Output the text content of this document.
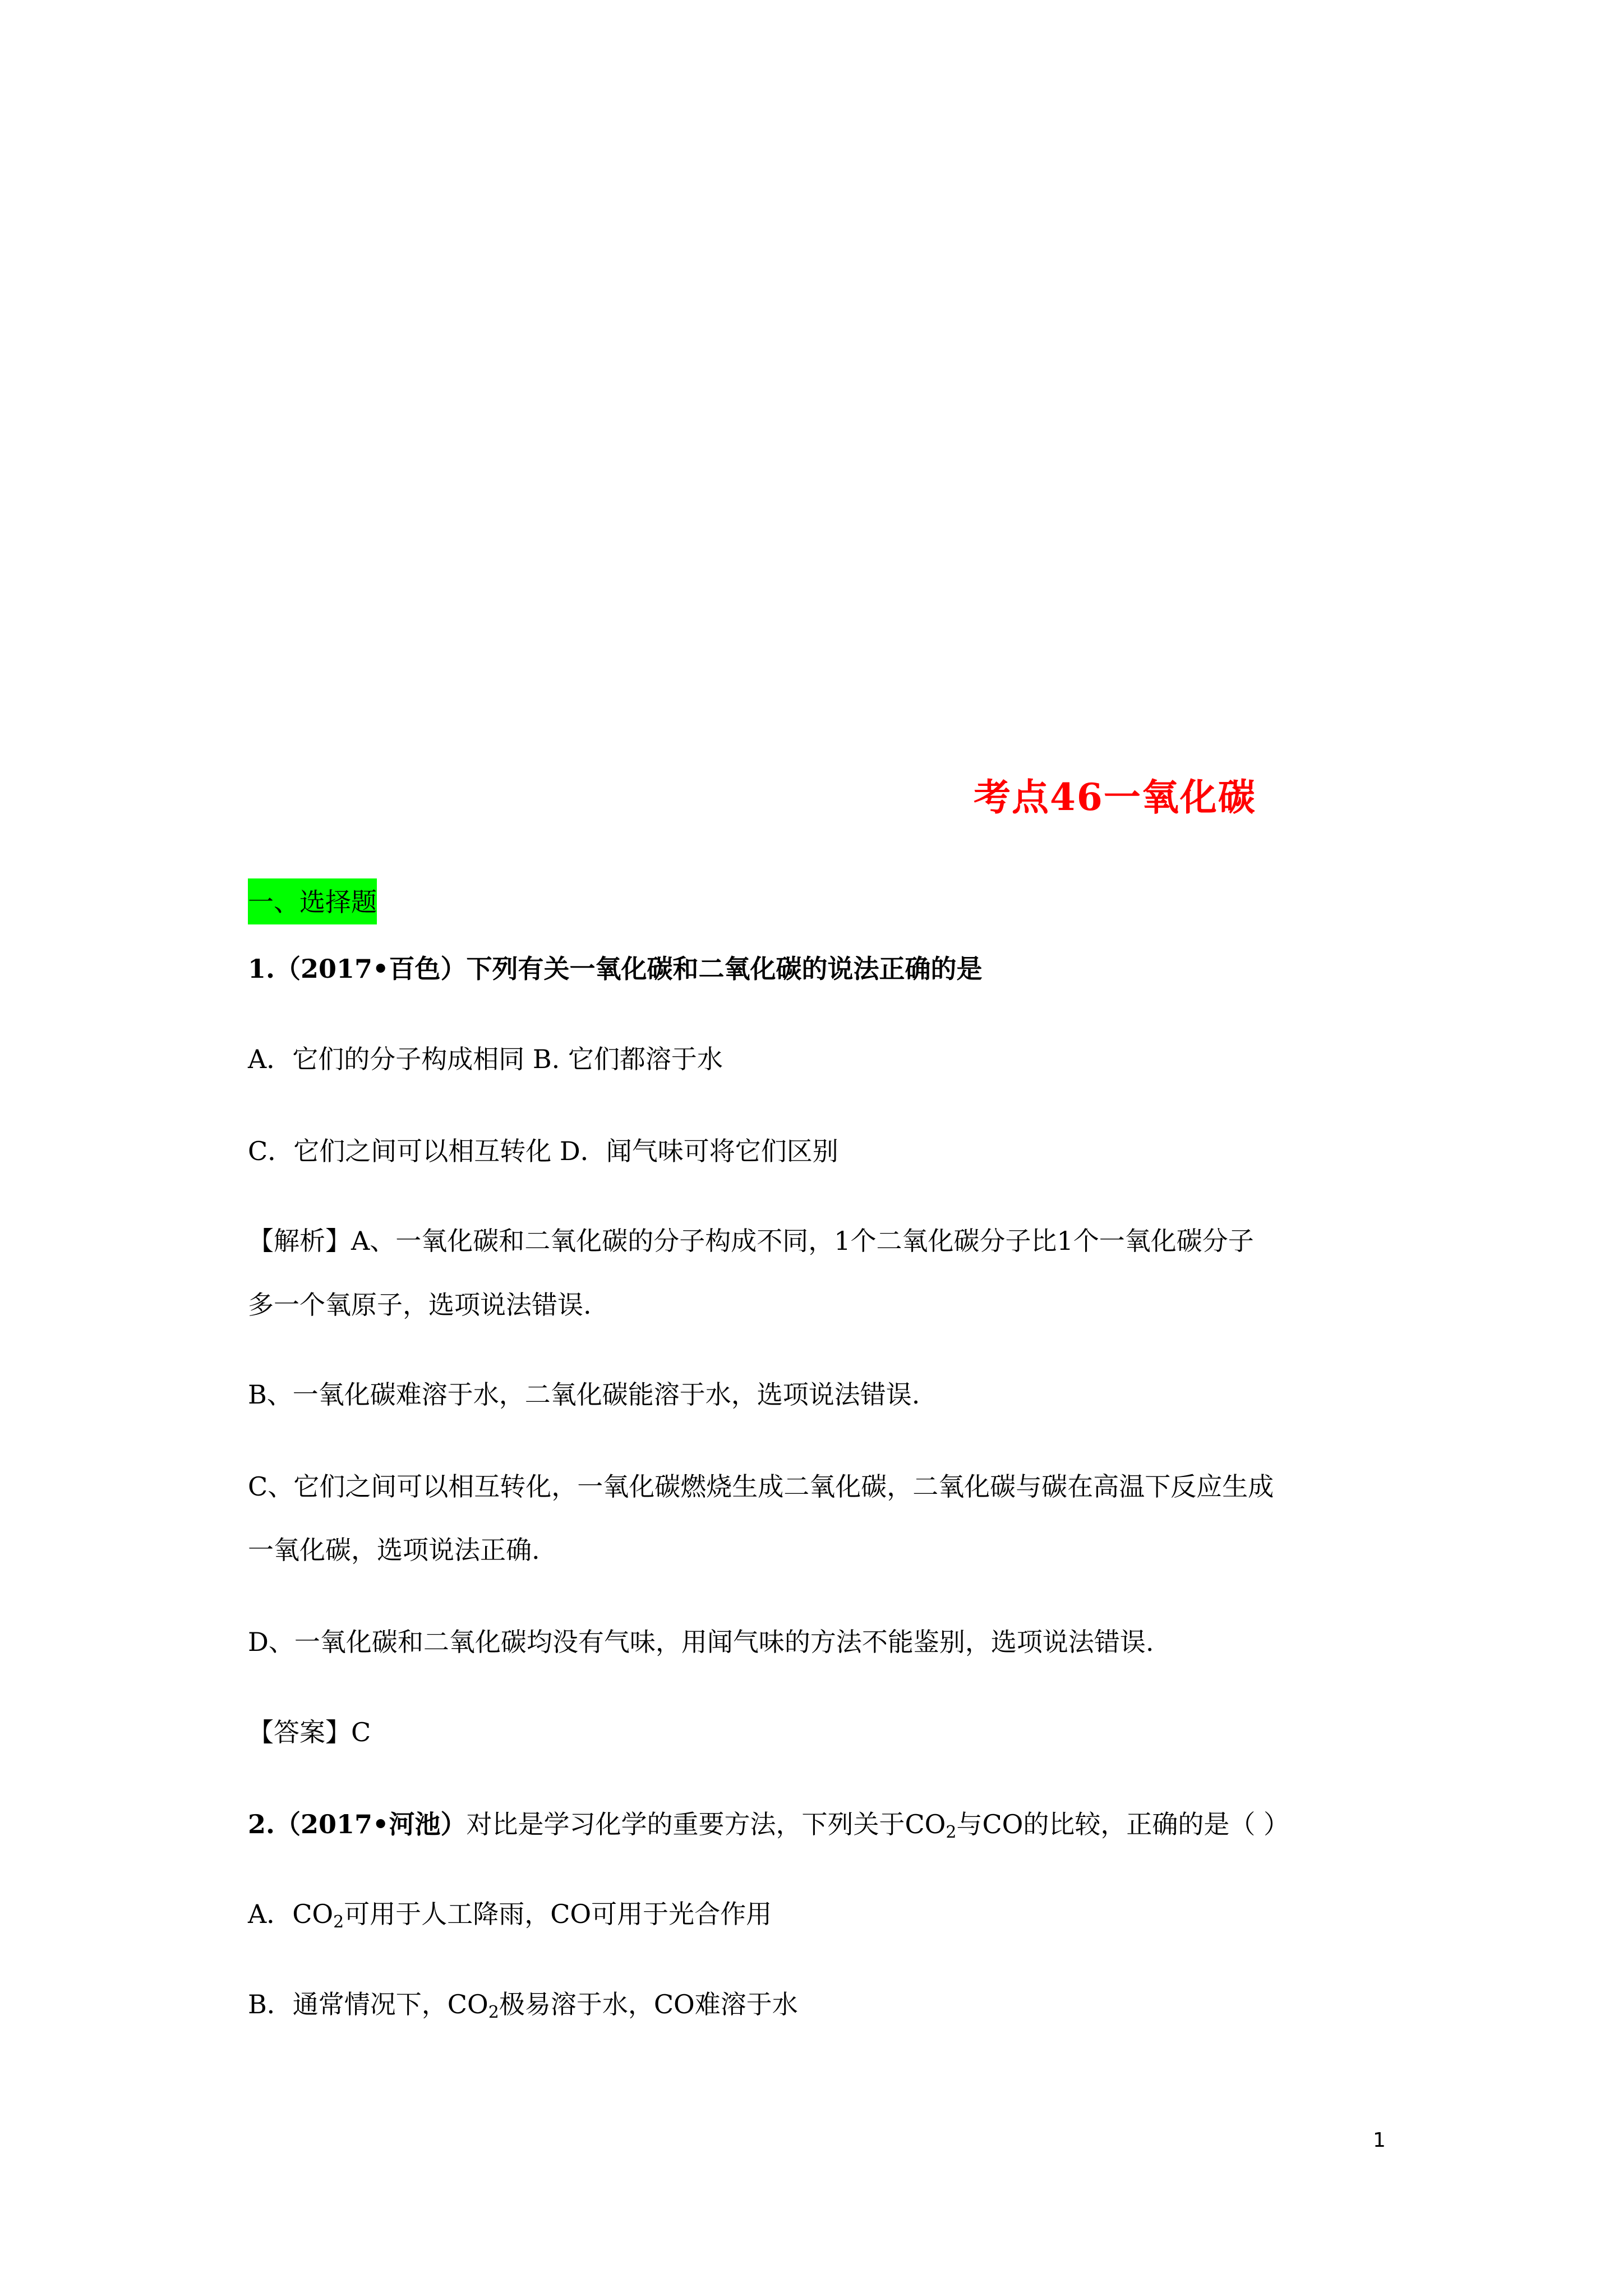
考点46一氧化碳
一、选择题
1.（2017•百色）下列有关一氧化碳和二氧化碳的说法正确的是
A．它们的分子构成相同 B. 它们都溶于水
C．它们之间可以相互转化 D．闻气味可将它们区别
【解析】A、一氧化碳和二氧化碳的分子构成不同，1个二氧化碳分子比1个一氧化碳分子
多一个氧原子，选项说法错误.
B、一氧化碳难溶于水，二氧化碳能溶于水，选项说法错误.
C、它们之间可以相互转化，一氧化碳燃烧生成二氧化碳，二氧化碳与碳在高温下反应生成
一氧化碳，选项说法正确.
D、一氧化碳和二氧化碳均没有气味，用闻气味的方法不能鉴别，选项说法错误.
【答案】C
2.（2017•河池）对比是学习化学的重要方法，下列关于$CO_2$与CO的比较，正确的是（ ）
A．$CO_2$可用于人工降雨，CO可用于光合作用
B．通常情况下，$CO_2$极易溶于水，CO难溶于水
1
